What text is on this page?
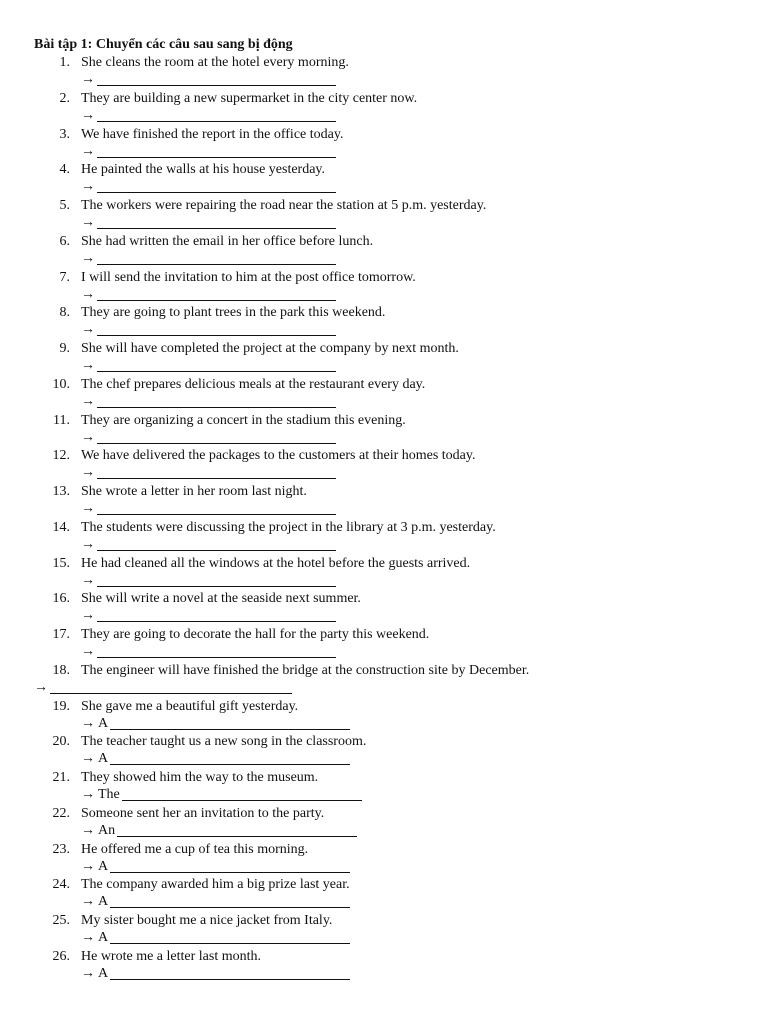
Bài tập 1: Chuyển các câu sau sang bị động
1. She cleans the room at the hotel every morning.
→
2. They are building a new supermarket in the city center now.
→
3. We have finished the report in the office today.
→
4. He painted the walls at his house yesterday.
→
5. The workers were repairing the road near the station at 5 p.m. yesterday.
→
6. She had written the email in her office before lunch.
→
7. I will send the invitation to him at the post office tomorrow.
→
8. They are going to plant trees in the park this weekend.
→
9. She will have completed the project at the company by next month.
→
10. The chef prepares delicious meals at the restaurant every day.
→
11. They are organizing a concert in the stadium this evening.
→
12. We have delivered the packages to the customers at their homes today.
→
13. She wrote a letter in her room last night.
→
14. The students were discussing the project in the library at 3 p.m. yesterday.
→
15. He had cleaned all the windows at the hotel before the guests arrived.
→
16. She will write a novel at the seaside next summer.
→
17. They are going to decorate the hall for the party this weekend.
→
18. The engineer will have finished the bridge at the construction site by December.
→
19. She gave me a beautiful gift yesterday.
→ A
20. The teacher taught us a new song in the classroom.
→ A
21. They showed him the way to the museum.
→ The
22. Someone sent her an invitation to the party.
→ An
23. He offered me a cup of tea this morning.
→ A
24. The company awarded him a big prize last year.
→ A
25. My sister bought me a nice jacket from Italy.
→ A
26. He wrote me a letter last month.
→ A
